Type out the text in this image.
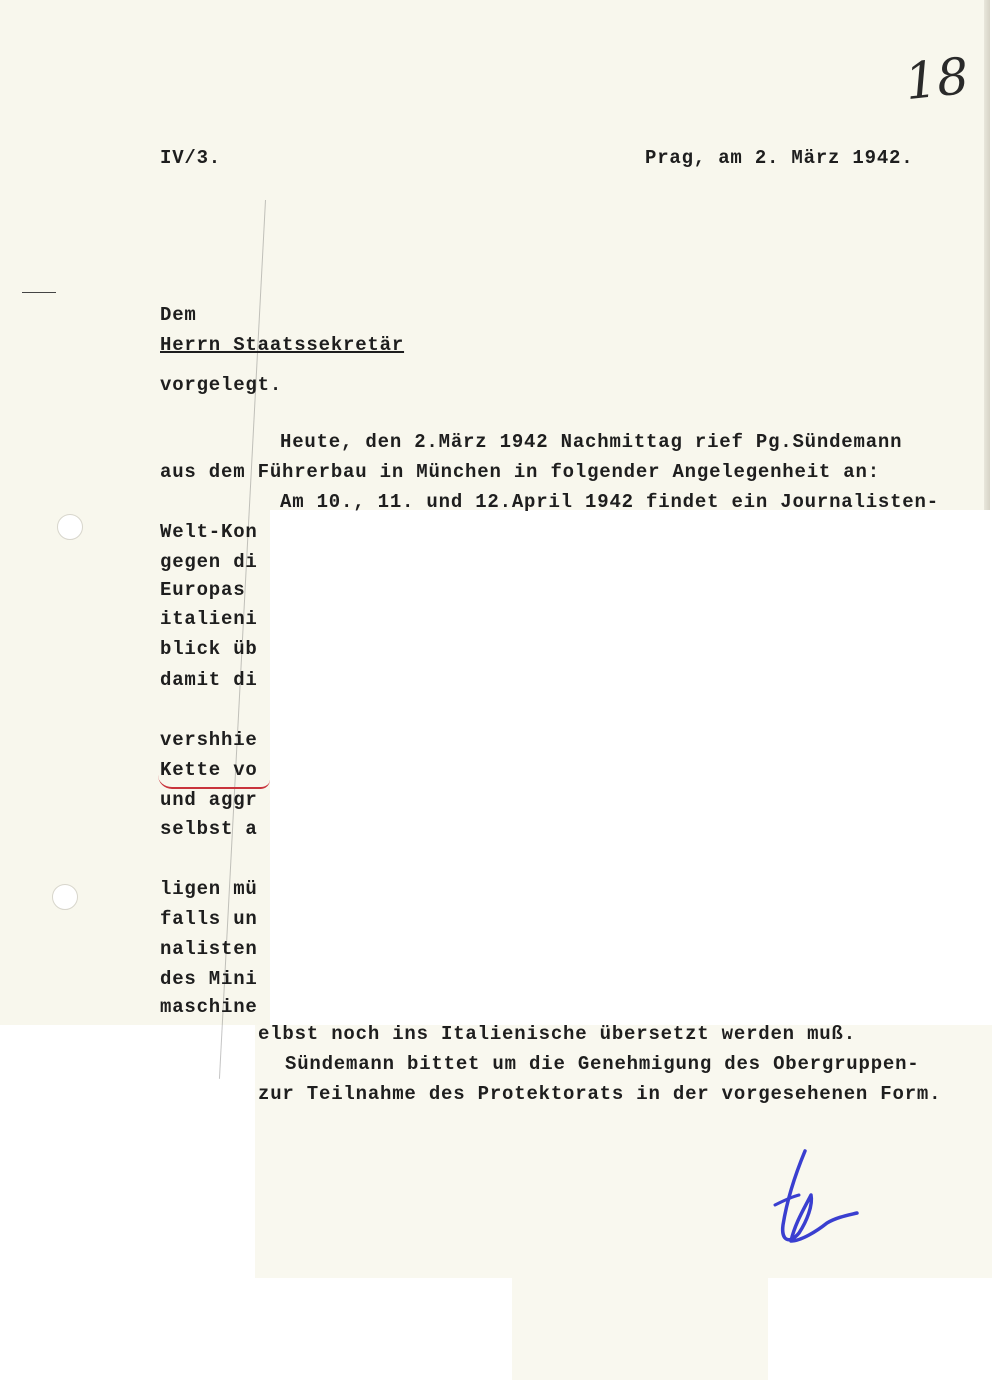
18
IV/3.	Prag, am 2. März 1942.
Dem
Herrn Staatssekretär
vorgelegt.
Heute, den 2.März 1942 Nachmittag rief Pg.Sündemann
aus dem Führerbau in München in folgender Angelegenheit an:
Am 10., 11. und 12.April 1942 findet ein Journalisten-
Welt-Kon
gegen di
Europas
italieni
blick üb
damit di
vershhie
Kette vo
und aggr
selbst a
ligen mü
falls un
nalisten
des Mini
maschine
elbst noch ins Italienische übersetzt werden muß.
Sündemann bittet um die Genehmigung des Obergruppen-
zur Teilnahme des Protektorats in der vorgesehenen Form.
